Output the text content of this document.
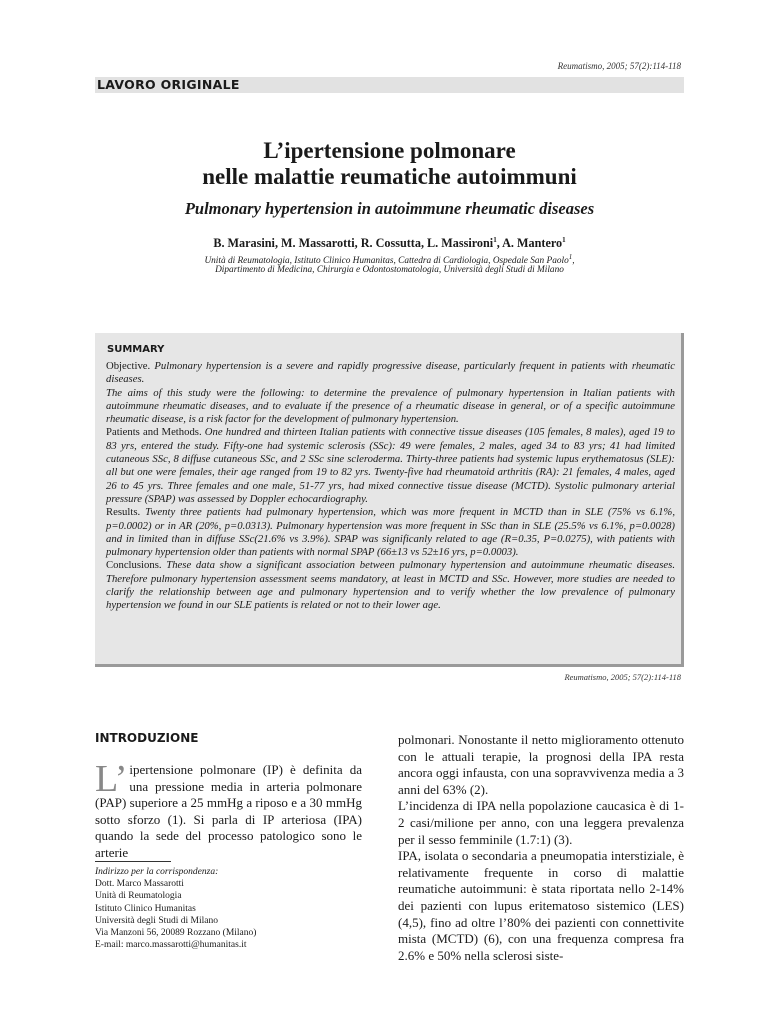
Reumatismo, 2005; 57(2):114-118
LAVORO ORIGINALE
L’ipertensione polmonare
nelle malattie reumatiche autoimmuni
Pulmonary hypertension in autoimmune rheumatic diseases
B. Marasini, M. Massarotti, R. Cossutta, L. Massironi$^1$, A. Mantero$^1$
Unità di Reumatologia, Istituto Clinico Humanitas, Cattedra di Cardiologia, Ospedale San Paolo$^1$,
Dipartimento di Medicina, Chirurgia e Odontostomatologia, Università degli Studi di Milano
SUMMARY

Objective. Pulmonary hypertension is a severe and rapidly progressive disease, particularly frequent in patients with rheumatic diseases.

The aims of this study were the following: to determine the prevalence of pulmonary hypertension in Italian patients with autoimmune rheumatic diseases, and to evaluate if the presence of a rheumatic disease in general, or of a specific autoimmune rheumatic disease, is a risk factor for the development of pulmonary hypertension.

Patients and Methods. One hundred and thirteen Italian patients with connective tissue diseases (105 females, 8 males), aged 19 to 83 yrs, entered the study. Fifty-one had systemic sclerosis (SSc): 49 were females, 2 males, aged 34 to 83 yrs; 41 had limited cutaneous SSc, 8 diffuse cutaneous SSc, and 2 SSc sine scleroderma. Thirty-three patients had systemic lupus erythematosus (SLE): all but one were females, their age ranged from 19 to 82 yrs. Twenty-five had rheumatoid arthritis (RA): 21 females, 4 males, aged 26 to 45 yrs. Three females and one male, 51-77 yrs, had mixed connective tissue disease (MCTD). Systolic pulmonary arterial pressure (SPAP) was assessed by Doppler echocardiography.

Results. Twenty three patients had pulmonary hypertension, which was more frequent in MCTD than in SLE (75% vs 6.1%, p=0.0002) or in AR (20%, p=0.0313). Pulmonary hypertension was more frequent in SSc than in SLE (25.5% vs 6.1%, p=0.0028) and in limited than in diffuse SSc(21.6% vs 3.9%). SPAP was significanly related to age (R=0.35, P=0.0275), with patients with pulmonary hypertension older than patients with normal SPAP (66±13 vs 52±16 yrs, p=0.0003).

Conclusions. These data show a significant association between pulmonary hypertension and autoimmune rheumatic diseases. Therefore pulmonary hypertension assessment seems mandatory, at least in MCTD and SSc. However, more studies are needed to clarify the relationship between age and pulmonary hypertension and to verify whether the low prevalence of pulmonary hypertension we found in our SLE patients is related or not to their lower age.

Reumatismo, 2005; 57(2):114-118
INTRODUZIONE
L’ ipertensione polmonare (IP) è definita da una pressione media in arteria polmonare (PAP) superiore a 25 mmHg a riposo e a 30 mmHg sotto sforzo (1). Si parla di IP arteriosa (IPA) quando la sede del processo patologico sono le arterie

polmonari. Nonostante il netto miglioramento ottenuto con le attuali terapie, la prognosi della IPA resta ancora oggi infausta, con una sopravvivenza media a 3 anni del 63% (2).

L’incidenza di IPA nella popolazione caucasica è di 1-2 casi/milione per anno, con una leggera prevalenza per il sesso femminile (1.7:1) (3).

IPA, isolata o secondaria a pneumopatia interstiziale, è relativamente frequente in corso di malattie reumatiche autoimmuni: è stata riportata nello 2-14% dei pazienti con lupus eritematoso sistemico (LES) (4,5), fino ad oltre l’80% dei pazienti con connettivite mista (MCTD) (6), con una frequenza compresa fra 2.6% e 50% nella sclerosi siste-

Indirizzo per la corrispondenza:
Dott. Marco Massarotti
Unità di Reumatologia
Istituto Clinico Humanitas
Università degli Studi di Milano
Via Manzoni 56, 20089 Rozzano (Milano)
E-mail: marco.massarotti@humanitas.it
